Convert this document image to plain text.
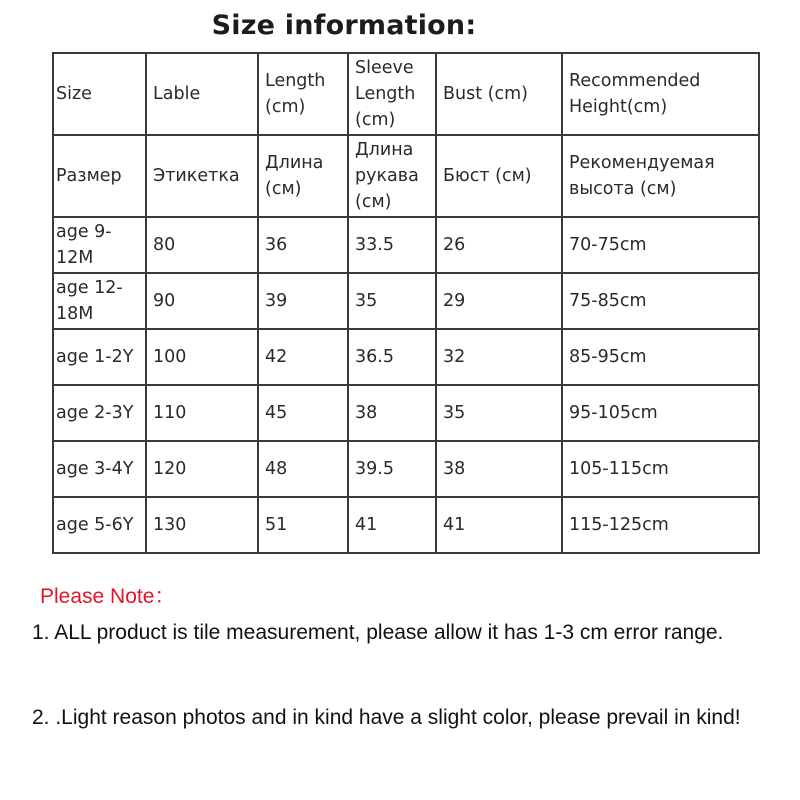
Size information:
Size	Lable	Length (cm)	Sleeve Length (cm)	Bust (cm)	Recommended Height(cm)
Размер	Этикетка	Длина (см)	Длина рукава (см)	Бюст (см)	Рекомендуемая высота (см)
age 9-12M	80	36	33.5	26	70-75cm
age 12-18M	90	39	35	29	75-85cm
age 1-2Y	100	42	36.5	32	85-95cm
age 2-3Y	110	45	38	35	95-105cm
age 3-4Y	120	48	39.5	38	105-115cm
age 5-6Y	130	51	41	41	115-125cm
Please Note：
1. ALL product is tile measurement, please allow it has 1-3 cm error range.
2. .Light reason photos and in kind have a slight color, please prevail in kind!
